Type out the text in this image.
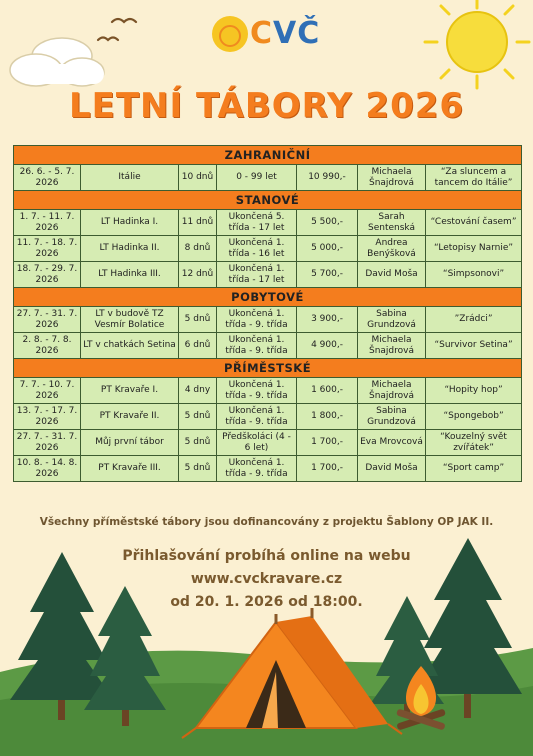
CVČ
LETNÍ TÁBORY 2026
ZAHRANIČNÍ						
26. 6. - 5. 7. 2026	Itálie	10 dnů	0 - 99 let	10 990,-	Michaela Šnajdrová	“Za sluncem a tancem do Itálie”
STANOVÉ						
1. 7. - 11. 7. 2026	LT Hadinka I.	11 dnů	Ukončená 5. třída - 17 let	5 500,-	Sarah Sentenská	“Cestování časem”
11. 7. - 18. 7. 2026	LT Hadinka II.	8 dnů	Ukončená 1. třída - 16 let	5 000,-	Andrea Benýšková	“Letopisy Narnie”
18. 7. - 29. 7. 2026	LT Hadinka III.	12 dnů	Ukončená 1. třída - 17 let	5 700,-	David Moša	“Simpsonovi”
POBYTOVÉ						
27. 7. - 31. 7. 2026	LT v budově TZ Vesmír Bolatice	5 dnů	Ukončená 1. třída - 9. třída	3 900,-	Sabina Grundzová	”Zrádci”
2. 8. - 7. 8. 2026	LT v chatkách Setina	6 dnů	Ukončená 1. třída - 9. třída	4 900,-	Michaela Šnajdrová	“Survivor Setina”
PŘÍMĚSTSKÉ						
7. 7. - 10. 7. 2026	PT Kravaře I.	4 dny	Ukončená 1. třída - 9. třída	1 600,-	Michaela Šnajdrová	“Hopity hop”
13. 7. - 17. 7. 2026	PT Kravaře II.	5 dnů	Ukončená 1. třída - 9. třída	1 800,-	Sabina Grundzová	“Spongebob”
27. 7. - 31. 7. 2026	Můj první tábor	5 dnů	Předškoláci (4 - 6 let)	1 700,-	Eva Mrovcová	“Kouzelný svět zvířátek”
10. 8. - 14. 8. 2026	PT Kravaře III.	5 dnů	Ukončená 1. třída - 9. třída	1 700,-	David Moša	“Sport camp”
Všechny příměstské tábory jsou dofinancovány z projektu Šablony OP JAK II.
Přihlašování probíhá online na webu
www.cvckravare.cz
od 20. 1. 2026 od 18:00.
